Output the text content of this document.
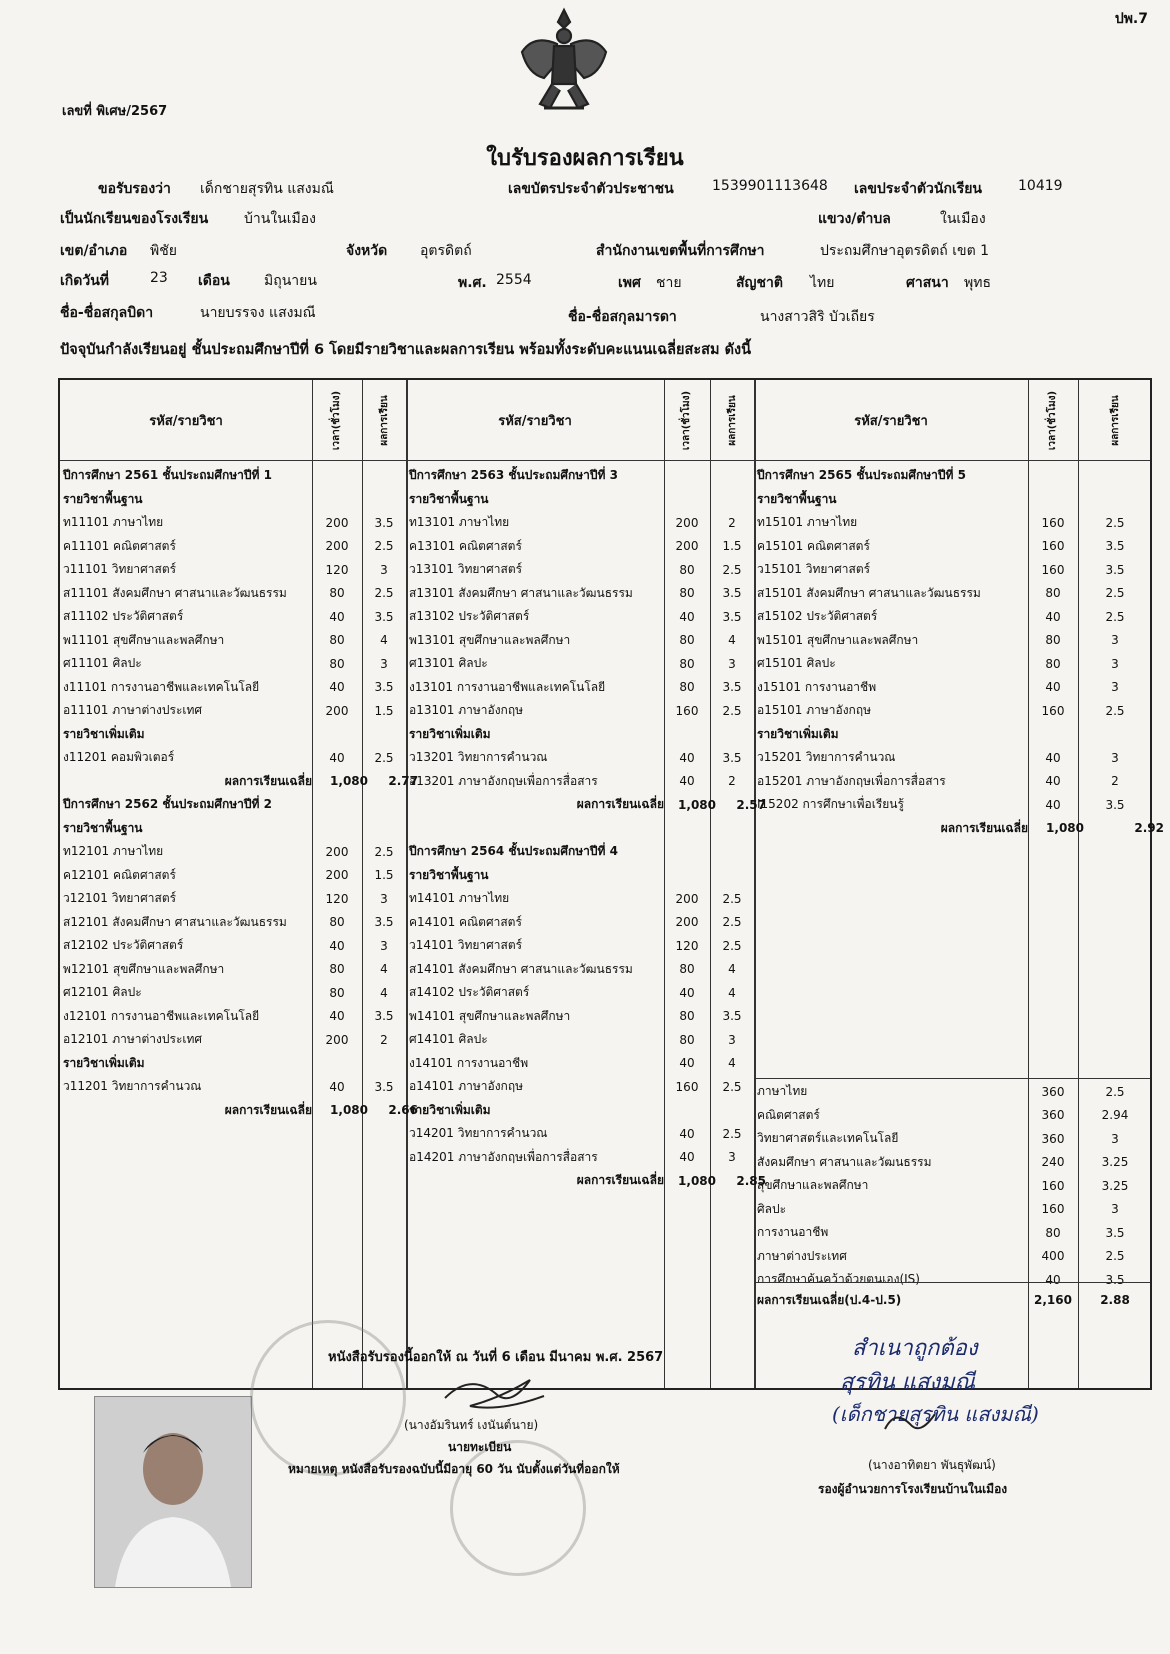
ปพ.7
เลขที่ พิเศษ/2567
ใบรับรองผลการเรียน
ขอรับรองว่า เด็กชายสุรทิน แสงมณี	เลขบัตรประจำตัวประชาชน	1539901113648 เลขประจำตัวนักเรียน	10419
เป็นนักเรียนของโรงเรียน	บ้านในเมือง	แขวง/ตำบล	ในเมือง
เขต/อำเภอ พิชัย	จังหวัด อุตรดิตถ์	สำนักงานเขตพื้นที่การศึกษา	ประถมศึกษาอุตรดิตถ์ เขต 1
เกิดวันที่	23 เดือน มิถุนายน	พ.ศ. 2554	เพศ ชาย	สัญชาติ ไทย	ศาสนา พุทธ
ชื่อ-ชื่อสกุลบิดา	นายบรรจง แสงมณี	ชื่อ-ชื่อสกุลมารดา	นางสาวสิริ บัวเถียร
ปัจจุบันกำลังเรียนอยู่ ชั้นประถมศึกษาปีที่ 6 โดยมีรายวิชาและผลการเรียน พร้อมทั้งระดับคะแนนเฉลี่ยสะสม ดังนี้
รหัส/รายวิชา	เวลา(ชั่วโมง)	ผลการเรียน	รหัส/รายวิชา	เวลา(ชั่วโมง)	ผลการเรียน	รหัส/รายวิชา	เวลา(ชั่วโมง)	ผลการเรียน
ปีการศึกษา 2561 ชั้นประถมศึกษาปีที่ 1
รายวิชาพื้นฐาน
ท11101 ภาษาไทย	200	3.5
ค11101 คณิตศาสตร์	200	2.5
ว11101 วิทยาศาสตร์	120	3
ส11101 สังคมศึกษา ศาสนาและวัฒนธรรม	80	2.5
ส11102 ประวัติศาสตร์	40	3.5
พ11101 สุขศึกษาและพลศึกษา	80	4
ศ11101 ศิลปะ	80	3
ง11101 การงานอาชีพและเทคโนโลยี	40	3.5
อ11101 ภาษาต่างประเทศ	200	1.5
รายวิชาเพิ่มเติม
ง11201 คอมพิวเตอร์	40	2.5
ผลการเรียนเฉลี่ย	1,080	2.77
ปีการศึกษา 2562 ชั้นประถมศึกษาปีที่ 2
รายวิชาพื้นฐาน
ท12101 ภาษาไทย	200	2.5
ค12101 คณิตศาสตร์	200	1.5
ว12101 วิทยาศาสตร์	120	3
ส12101 สังคมศึกษา ศาสนาและวัฒนธรรม	80	3.5
ส12102 ประวัติศาสตร์	40	3
พ12101 สุขศึกษาและพลศึกษา	80	4
ศ12101 ศิลปะ	80	4
ง12101 การงานอาชีพและเทคโนโลยี	40	3.5
อ12101 ภาษาต่างประเทศ	200	2
รายวิชาเพิ่มเติม
ว11201 วิทยาการคำนวณ	40	3.5
ผลการเรียนเฉลี่ย	1,080	2.66
ปีการศึกษา 2563 ชั้นประถมศึกษาปีที่ 3
รายวิชาพื้นฐาน
ท13101 ภาษาไทย	200	2
ค13101 คณิตศาสตร์	200	1.5
ว13101 วิทยาศาสตร์	80	2.5
ส13101 สังคมศึกษา ศาสนาและวัฒนธรรม	80	3.5
ส13102 ประวัติศาสตร์	40	3.5
พ13101 สุขศึกษาและพลศึกษา	80	4
ศ13101 ศิลปะ	80	3
ง13101 การงานอาชีพและเทคโนโลยี	80	3.5
อ13101 ภาษาอังกฤษ	160	2.5
รายวิชาเพิ่มเติม
ว13201 วิทยาการคำนวณ	40	3.5
อ13201 ภาษาอังกฤษเพื่อการสื่อสาร	40	2
ผลการเรียนเฉลี่ย	1,080	2.57
ปีการศึกษา 2564 ชั้นประถมศึกษาปีที่ 4
รายวิชาพื้นฐาน
ท14101 ภาษาไทย	200	2.5
ค14101 คณิตศาสตร์	200	2.5
ว14101 วิทยาศาสตร์	120	2.5
ส14101 สังคมศึกษา ศาสนาและวัฒนธรรม	80	4
ส14102 ประวัติศาสตร์	40	4
พ14101 สุขศึกษาและพลศึกษา	80	3.5
ศ14101 ศิลปะ	80	3
ง14101 การงานอาชีพ	40	4
อ14101 ภาษาอังกฤษ	160	2.5
รายวิชาเพิ่มเติม
ว14201 วิทยาการคำนวณ	40	2.5
อ14201 ภาษาอังกฤษเพื่อการสื่อสาร	40	3
ผลการเรียนเฉลี่ย	1,080	2.85
ปีการศึกษา 2565 ชั้นประถมศึกษาปีที่ 5
รายวิชาพื้นฐาน
ท15101 ภาษาไทย	160	2.5
ค15101 คณิตศาสตร์	160	3.5
ว15101 วิทยาศาสตร์	160	3.5
ส15101 สังคมศึกษา ศาสนาและวัฒนธรรม	80	2.5
ส15102 ประวัติศาสตร์	40	2.5
พ15101 สุขศึกษาและพลศึกษา	80	3
ศ15101 ศิลปะ	80	3
ง15101 การงานอาชีพ	40	3
อ15101 ภาษาอังกฤษ	160	2.5
รายวิชาเพิ่มเติม
ว15201 วิทยาการคำนวณ	40	3
อ15201 ภาษาอังกฤษเพื่อการสื่อสาร	40	2
I15202 การศึกษาเพื่อเรียนรู้	40	3.5
ผลการเรียนเฉลี่ย	1,080	2.92
ภาษาไทย	360	2.5
คณิตศาสตร์	360	2.94
วิทยาศาสตร์และเทคโนโลยี	360	3
สังคมศึกษา ศาสนาและวัฒนธรรม	240	3.25
สุขศึกษาและพลศึกษา	160	3.25
ศิลปะ	160	3
การงานอาชีพ	80	3.5
ภาษาต่างประเทศ	400	2.5
การศึกษาค้นคว้าด้วยตนเอง(IS)	40	3.5
ผลการเรียนเฉลี่ย(ป.4-ป.5)	2,160	2.88
หนังสือรับรองนี้ออกให้ ณ วันที่ 6 เดือน มีนาคม พ.ศ. 2567
(นางอัมรินทร์ เงนันต์นาย)
นายทะเบียน
หมายเหตุ หนังสือรับรองฉบับนี้มีอายุ 60 วัน นับตั้งแต่วันที่ออกให้
สำเนาถูกต้อง
สุรทิน แสงมณี
(เด็กชายสุรทิน แสงมณี)
(นางอาทิตยา พันธุพัฒน์)
รองผู้อำนวยการโรงเรียนบ้านในเมือง
